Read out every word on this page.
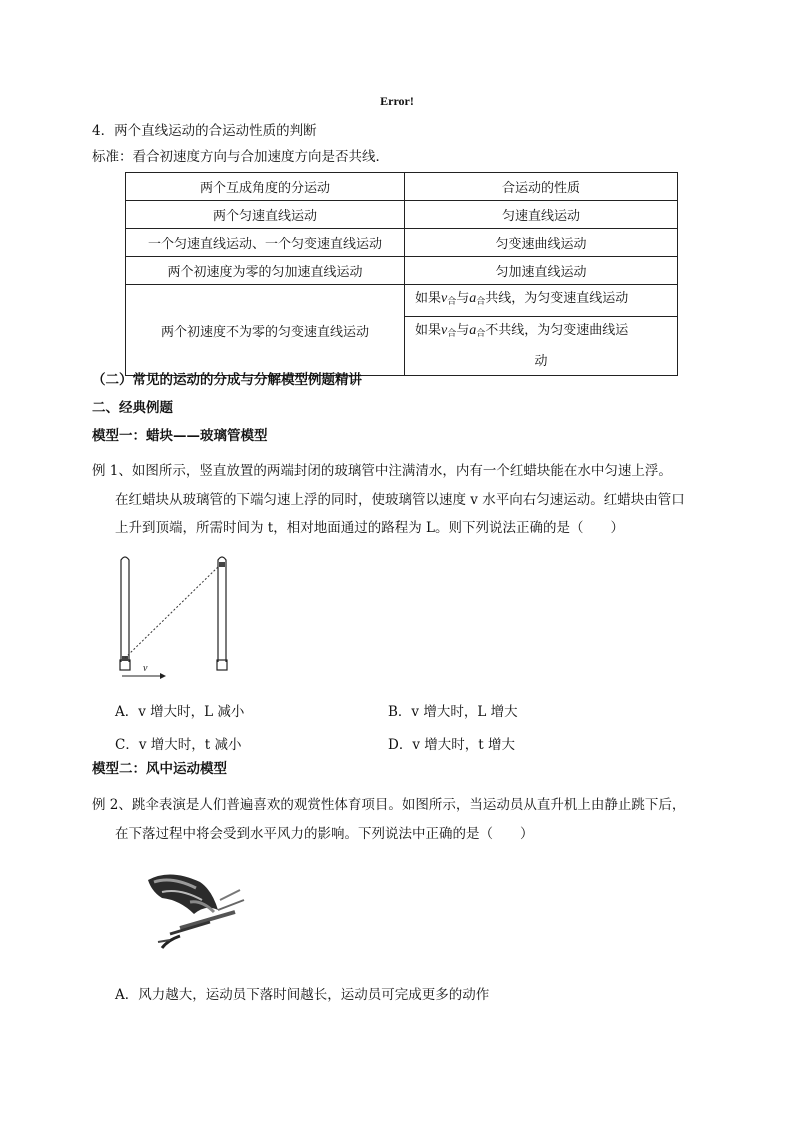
Error!
4．两个直线运动的合运动性质的判断
标准：看合初速度方向与合加速度方向是否共线．
两个互成角度的分运动	合运动的性质
两个匀速直线运动	匀速直线运动
一个匀速直线运动、一个匀变速直线运动	匀变速曲线运动
两个初速度为零的匀加速直线运动	匀加速直线运动
两个初速度不为零的匀变速直线运动	如果$v_合$与$a_合$共线，为匀变速直线运动
	如果$v_合$与$a_合$不共线，为匀变速曲线运

动
（二）常见的运动的分成与分解模型例题精讲
二、经典例题
模型一：蜡块——玻璃管模型
例 1、如图所示，竖直放置的两端封闭的玻璃管中注满清水，内有一个红蜡块能在水中匀速上浮。
在红蜡块从玻璃管的下端匀速上浮的同时，使玻璃管以速度 v 水平向右匀速运动。红蜡块由管口
上升到顶端，所需时间为 t，相对地面通过的路程为 L。则下列说法正确的是（　　）
v
A．v 增大时，L 减小	B．v 增大时，L 增大
C．v 增大时，t 减小	D．v 增大时，t 增大
模型二：风中运动模型
例 2、跳伞表演是人们普遍喜欢的观赏性体育项目。如图所示，当运动员从直升机上由静止跳下后，
在下落过程中将会受到水平风力的影响。下列说法中正确的是（　　）
A．风力越大，运动员下落时间越长，运动员可完成更多的动作
